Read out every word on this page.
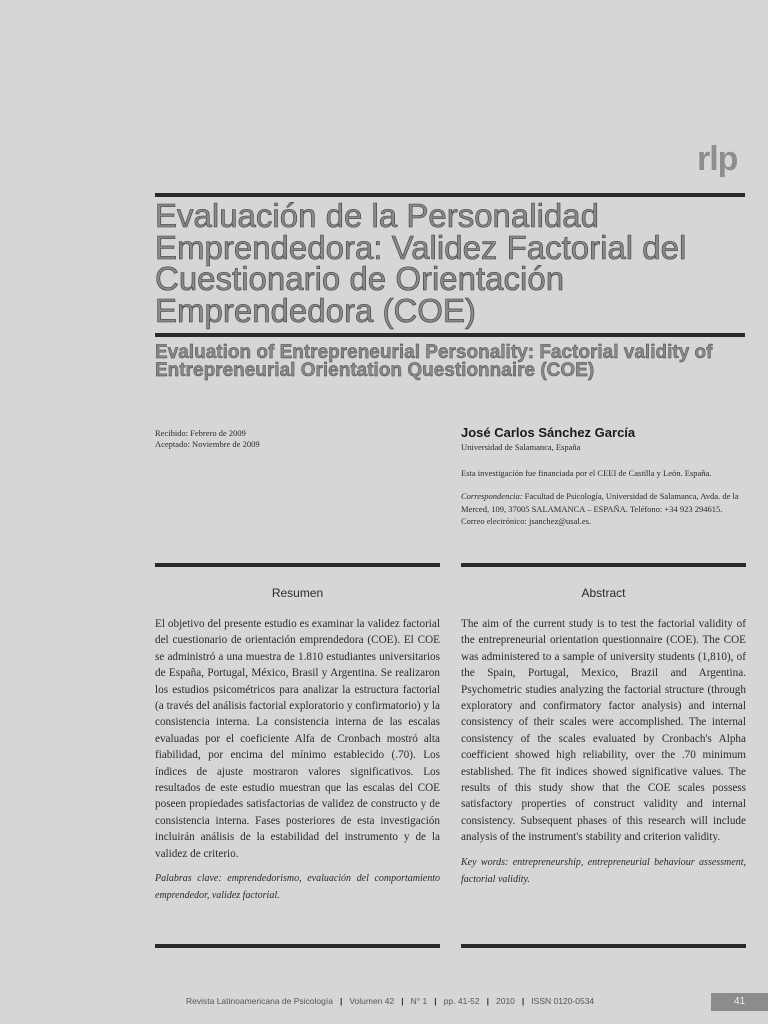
rlp
Evaluación de la Personalidad Emprendedora: Validez Factorial del Cuestionario de Orientación Emprendedora (COE)
Evaluation of Entrepreneurial Personality: Factorial validity of Entrepreneurial Orientation Questionnaire (COE)
Recibido: Febrero de 2009
Aceptado: Noviembre de 2009
José Carlos Sánchez García
Universidad de Salamanca, España
Esta investigación fue financiada por el CEEI de Castilla y León. España.
Correspondencia: Facultad de Psicología, Universidad de Salamanca, Avda. de la Merced, 109, 37005 SALAMANCA – ESPAÑA. Teléfono: +34 923 294615. Correo electrónico: jsanchez@usal.es.
Resumen
El objetivo del presente estudio es examinar la validez factorial del cuestionario de orientación emprendedora (COE). El COE se administró a una muestra de 1.810 estudiantes universitarios de España, Portugal, México, Brasil y Argentina. Se realizaron los estudios psicométricos para analizar la estructura factorial (a través del análisis factorial exploratorio y confirmatorio) y la consistencia interna. La consistencia interna de las escalas evaluadas por el coeficiente Alfa de Cronbach mostró alta fiabilidad, por encima del mínimo establecido (.70). Los índices de ajuste mostraron valores significativos. Los resultados de este estudio muestran que las escalas del COE poseen propiedades satisfactorias de validez de constructo y de consistencia interna. Fases posteriores de esta investigación incluirán análisis de la estabilidad del instrumento y de la validez de criterio.
Palabras clave: emprendedorismo, evaluación del comportamiento emprendedor, validez factorial.
Abstract
The aim of the current study is to test the factorial validity of the entrepreneurial orientation questionnaire (COE). The COE was administered to a sample of university students (1,810), of the Spain, Portugal, Mexico, Brazil and Argentina. Psychometric studies analyzing the factorial structure (through exploratory and confirmatory factor analysis) and internal consistency of their scales were accomplished. The internal consistency of the scales evaluated by Cronbach's Alpha coefficient showed high reliability, over the .70 minimum established. The fit indices showed significative values. The results of this study show that the COE scales possess satisfactory properties of construct validity and internal consistency. Subsequent phases of this research will include analysis of the instrument's stability and criterion validity.
Key words: entrepreneurship, entrepreneurial behaviour assessment, factorial validity.
Revista Latinoamericana de Psicología | Volumen 42 | N° 1 | pp. 41-52 | 2010 | ISSN 0120-0534	41
